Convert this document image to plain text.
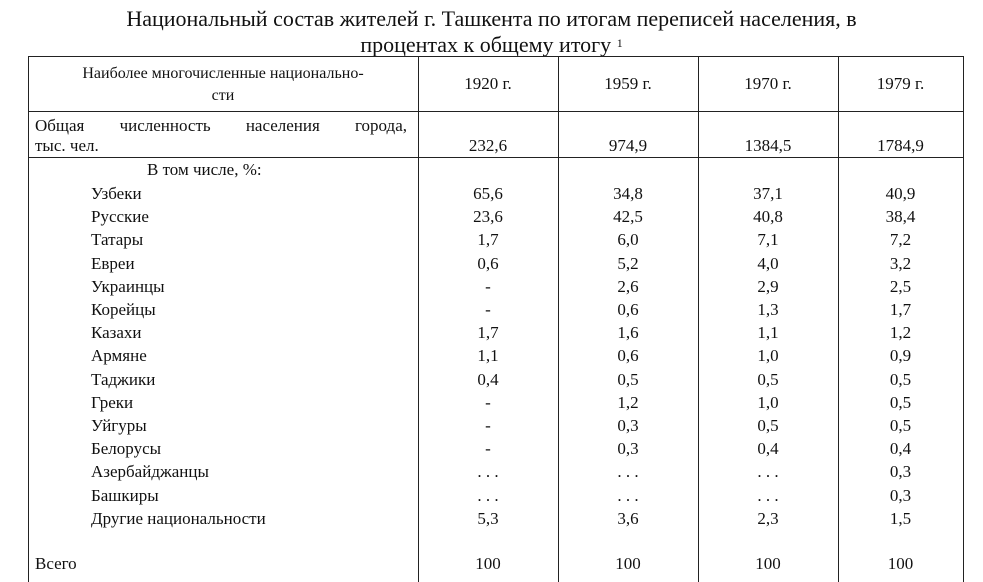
Национальный состав жителей г. Ташкента по итогам переписей населения, в
процентах к общему итогу $^1$
Наиболее многочисленные национально-
сти
1920 г.	1959 г.	1970 г.	1979 г.
Общая численность населения города,
тыс. чел.	232,6	974,9	1384,5	1784,9
В том числе, %:
Узбеки	65,6	34,8	37,1	40,9
Русские	23,6	42,5	40,8	38,4
Татары	1,7	6,0	7,1	7,2
Евреи	0,6	5,2	4,0	3,2
Украинцы	-	2,6	2,9	2,5
Корейцы	-	0,6	1,3	1,7
Казахи	1,7	1,6	1,1	1,2
Армяне	1,1	0,6	1,0	0,9
Таджики	0,4	0,5	0,5	0,5
Греки	-	1,2	1,0	0,5
Уйгуры	-	0,3	0,5	0,5
Белорусы	-	0,3	0,4	0,4
Азербайджанцы	. . .	. . .	. . .	0,3
Башкиры	. . .	. . .	. . .	0,3
Другие национальности	5,3	3,6	2,3	1,5
Всего	100	100	100	100
